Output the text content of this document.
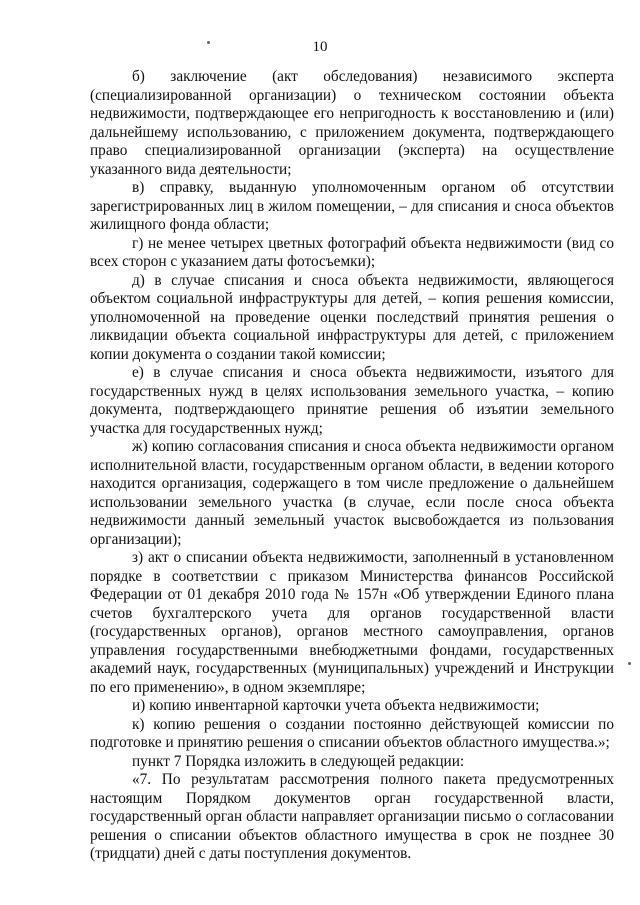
10

б) заключение (акт обследования) независимого эксперта (специализированной организации) о техническом состоянии объекта недвижимости, подтверждающее его непригодность к восстановлению и (или) дальнейшему использованию, с приложением документа, подтверждающего право специализированной организации (эксперта) на осуществление указанного вида деятельности;

в) справку, выданную уполномоченным органом об отсутствии зарегистрированных лиц в жилом помещении, – для списания и сноса объектов жилищного фонда области;

г) не менее четырех цветных фотографий объекта недвижимости (вид со всех сторон с указанием даты фотосъемки);

д) в случае списания и сноса объекта недвижимости, являющегося объектом социальной инфраструктуры для детей, – копия решения комиссии, уполномоченной на проведение оценки последствий принятия решения о ликвидации объекта социальной инфраструктуры для детей, с приложением копии документа о создании такой комиссии;

е) в случае списания и сноса объекта недвижимости, изъятого для государственных нужд в целях использования земельного участка, – копию документа, подтверждающего принятие решения об изъятии земельного участка для государственных нужд;

ж) копию согласования списания и сноса объекта недвижимости органом исполнительной власти, государственным органом области, в ведении которого находится организация, содержащего в том числе предложение о дальнейшем использовании земельного участка (в случае, если после сноса объекта недвижимости данный земельный участок высвобождается из пользования организации);

з) акт о списании объекта недвижимости, заполненный в установленном порядке в соответствии с приказом Министерства финансов Российской Федерации от 01 декабря 2010 года № 157н «Об утверждении Единого плана счетов бухгалтерского учета для органов государственной власти (государственных органов), органов местного самоуправления, органов управления государственными внебюджетными фондами, государственных академий наук, государственных (муниципальных) учреждений и Инструкции по его применению», в одном экземпляре;

и) копию инвентарной карточки учета объекта недвижимости;

к) копию решения о создании постоянно действующей комиссии по подготовке и принятию решения о списании объектов областного имущества.»;

пункт 7 Порядка изложить в следующей редакции:

«7. По результатам рассмотрения полного пакета предусмотренных настоящим Порядком документов орган государственной власти, государственный орган области направляет организации письмо о согласовании решения о списании объектов областного имущества в срок не позднее 30 (тридцати) дней с даты поступления документов.
